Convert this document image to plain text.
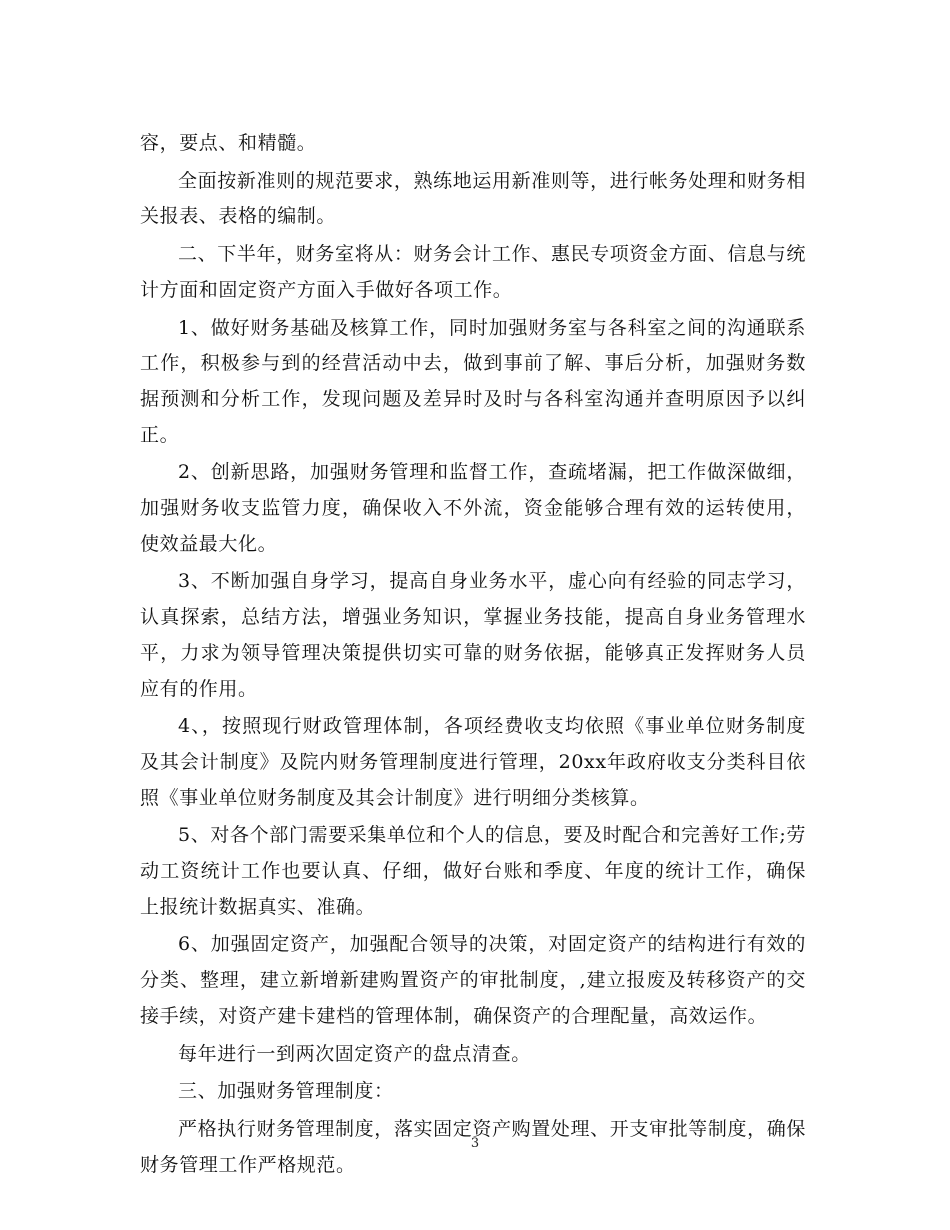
容，要点、和精髓。

全面按新准则的规范要求，熟练地运用新准则等，进行帐务处理和财务相关报表、表格的编制。

二、下半年，财务室将从：财务会计工作、惠民专项资金方面、信息与统计方面和固定资产方面入手做好各项工作。

1、做好财务基础及核算工作，同时加强财务室与各科室之间的沟通联系工作，积极参与到的经营活动中去，做到事前了解、事后分析，加强财务数据预测和分析工作，发现问题及差异时及时与各科室沟通并查明原因予以纠正。

2、创新思路，加强财务管理和监督工作，查疏堵漏，把工作做深做细，加强财务收支监管力度，确保收入不外流，资金能够合理有效的运转使用，使效益最大化。

3、不断加强自身学习，提高自身业务水平，虚心向有经验的同志学习，认真探索，总结方法，增强业务知识，掌握业务技能，提高自身业务管理水平，力求为领导管理决策提供切实可靠的财务依据，能够真正发挥财务人员应有的作用。

4、，按照现行财政管理体制，各项经费收支均依照《事业单位财务制度及其会计制度》及院内财务管理制度进行管理，20xx年政府收支分类科目依照《事业单位财务制度及其会计制度》进行明细分类核算。

5、对各个部门需要采集单位和个人的信息，要及时配合和完善好工作;劳动工资统计工作也要认真、仔细，做好台账和季度、年度的统计工作，确保上报统计数据真实、准确。

6、加强固定资产，加强配合领导的决策，对固定资产的结构进行有效的分类、整理，建立新增新建购置资产的审批制度，,建立报废及转移资产的交接手续，对资产建卡建档的管理体制，确保资产的合理配量，高效运作。

每年进行一到两次固定资产的盘点清查。

三、加强财务管理制度：

严格执行财务管理制度，落实固定资产购置处理、开支审批等制度，确保财务管理工作严格规范。

3
